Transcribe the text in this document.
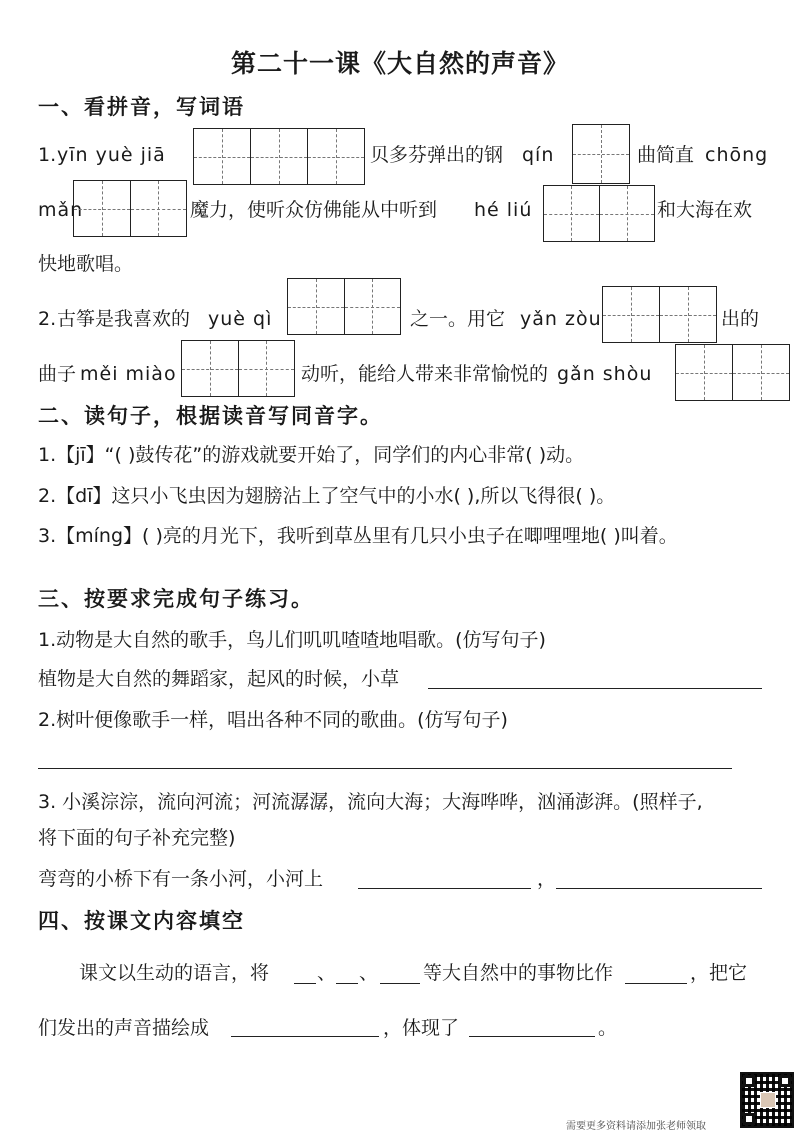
第二十一课《大自然的声音》
一、看拼音，写词语
1. yīn yuè jiā	贝多芬弹出的钢 qín	曲简直 chōng
mǎn	魔力，使听众仿佛能从中听到 hé liú	和大海在欢
快地歌唱。
2. 古筝是我喜欢的 yuè qì	之一。用它 yǎn zòu	出的
曲子 měi miào	动听，能给人带来非常愉悦的 gǎn shòu
二、读句子，根据读音写同音字。
1.【jī】“( )鼓传花”的游戏就要开始了，同学们的内心非常( )动。
2.【dī】这只小飞虫因为翅膀沾上了空气中的小水( ),所以飞得很( )。
3.【míng】( )亮的月光下，我听到草丛里有几只小虫子在唧哩哩地( )叫着。
三、按要求完成句子练习。
1.动物是大自然的歌手，鸟儿们叽叽喳喳地唱歌。(仿写句子)
植物是大自然的舞蹈家，起风的时候，小草
2.树叶便像歌手一样，唱出各种不同的歌曲。(仿写句子)
3. 小溪淙淙，流向河流；河流潺潺，流向大海；大海哗哗，汹涌澎湃。(照样子,
将下面的句子补充完整)
弯弯的小桥下有一条小河，小河上	，
四、按课文内容填空
课文以生动的语言，将	、 、 等大自然中的事物比作	，把它
们发出的声音描绘成	，体现了	。
需要更多资料请添加张老师领取
